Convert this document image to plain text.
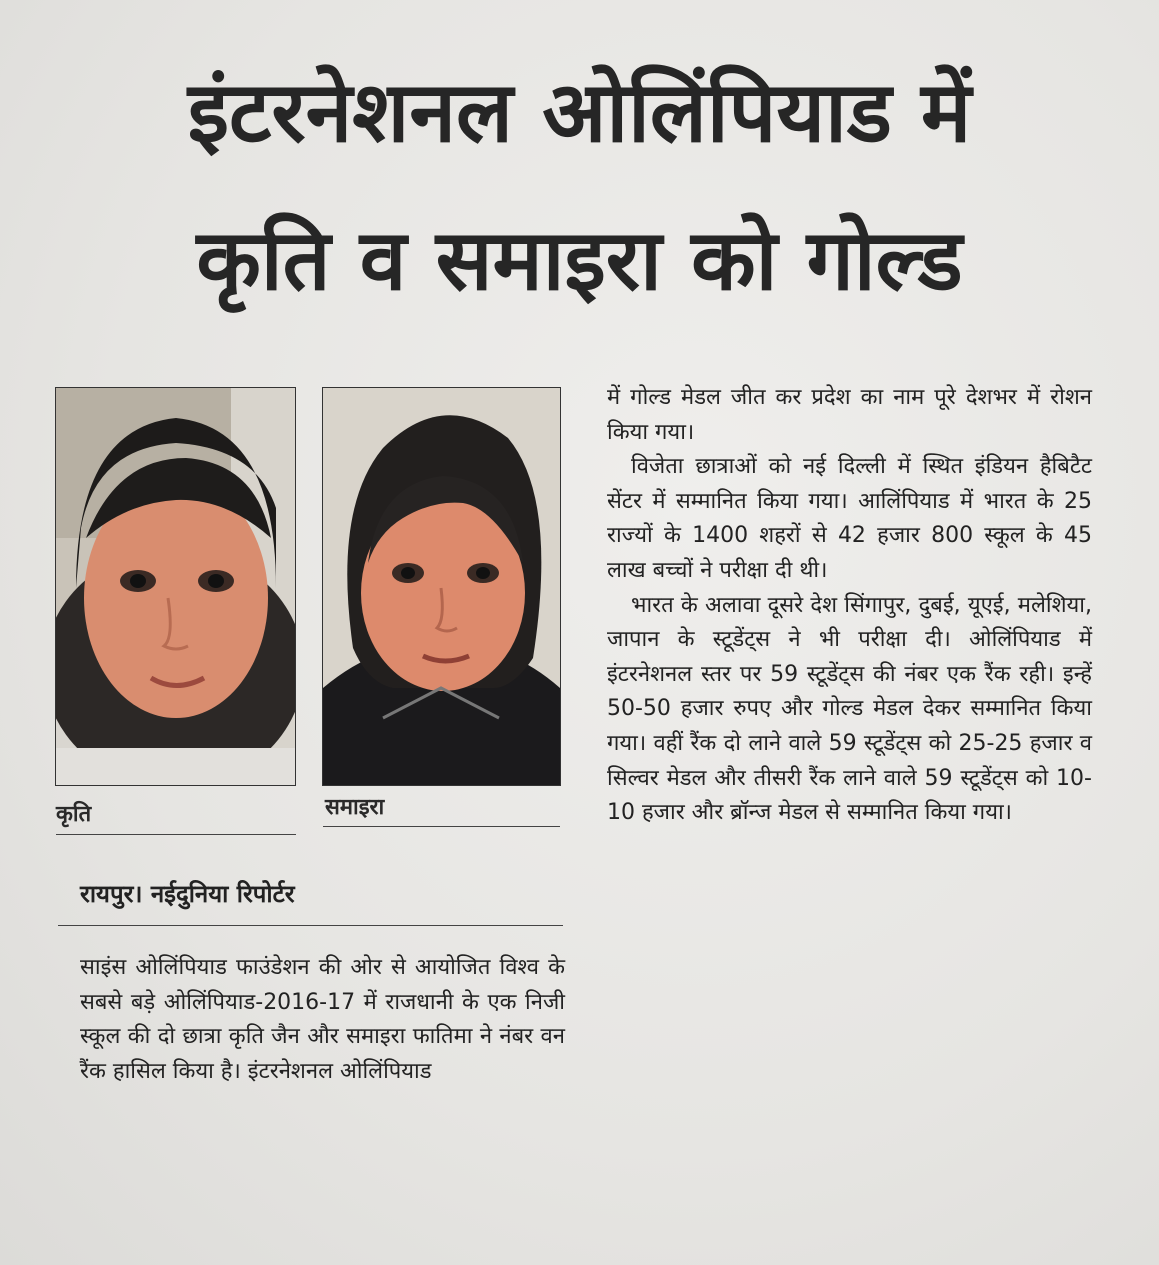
इंटरनेशनल ओलिंपियाड में
कृति व समाइरा को गोल्ड
कृति	समाइरा
रायपुर। नईदुनिया रिपोर्टर

साइंस ओलिंपियाड फाउंडेशन की ओर से आयोजित विश्व के सबसे बड़े ओलिंपियाड-2016-17 में राजधानी के एक निजी स्कूल की दो छात्रा कृति जैन और समाइरा फातिमा ने नंबर वन रैंक हासिल किया है। इंटरनेशनल ओलिंपियाड

में गोल्ड मेडल जीत कर प्रदेश का नाम पूरे देशभर में रोशन किया गया।

विजेता छात्राओं को नई दिल्ली में स्थित इंडियन हैबिटैट सेंटर में सम्मानित किया गया। आलिंपियाड में भारत के 25 राज्यों के 1400 शहरों से 42 हजार 800 स्कूल के 45 लाख बच्चों ने परीक्षा दी थी।

भारत के अलावा दूसरे देश सिंगापुर, दुबई, यूएई, मलेशिया, जापान के स्टूडेंट्स ने भी परीक्षा दी। ओलिंपियाड में इंटरनेशनल स्तर पर 59 स्टूडेंट्स की नंबर एक रैंक रही। इन्हें 50-50 हजार रुपए और गोल्ड मेडल देकर सम्मानित किया गया। वहीं रैंक दो लाने वाले 59 स्टूडेंट्स को 25-25 हजार व सिल्वर मेडल और तीसरी रैंक लाने वाले 59 स्टूडेंट्स को 10-10 हजार और ब्रॉन्ज मेडल से सम्मानित किया गया।
